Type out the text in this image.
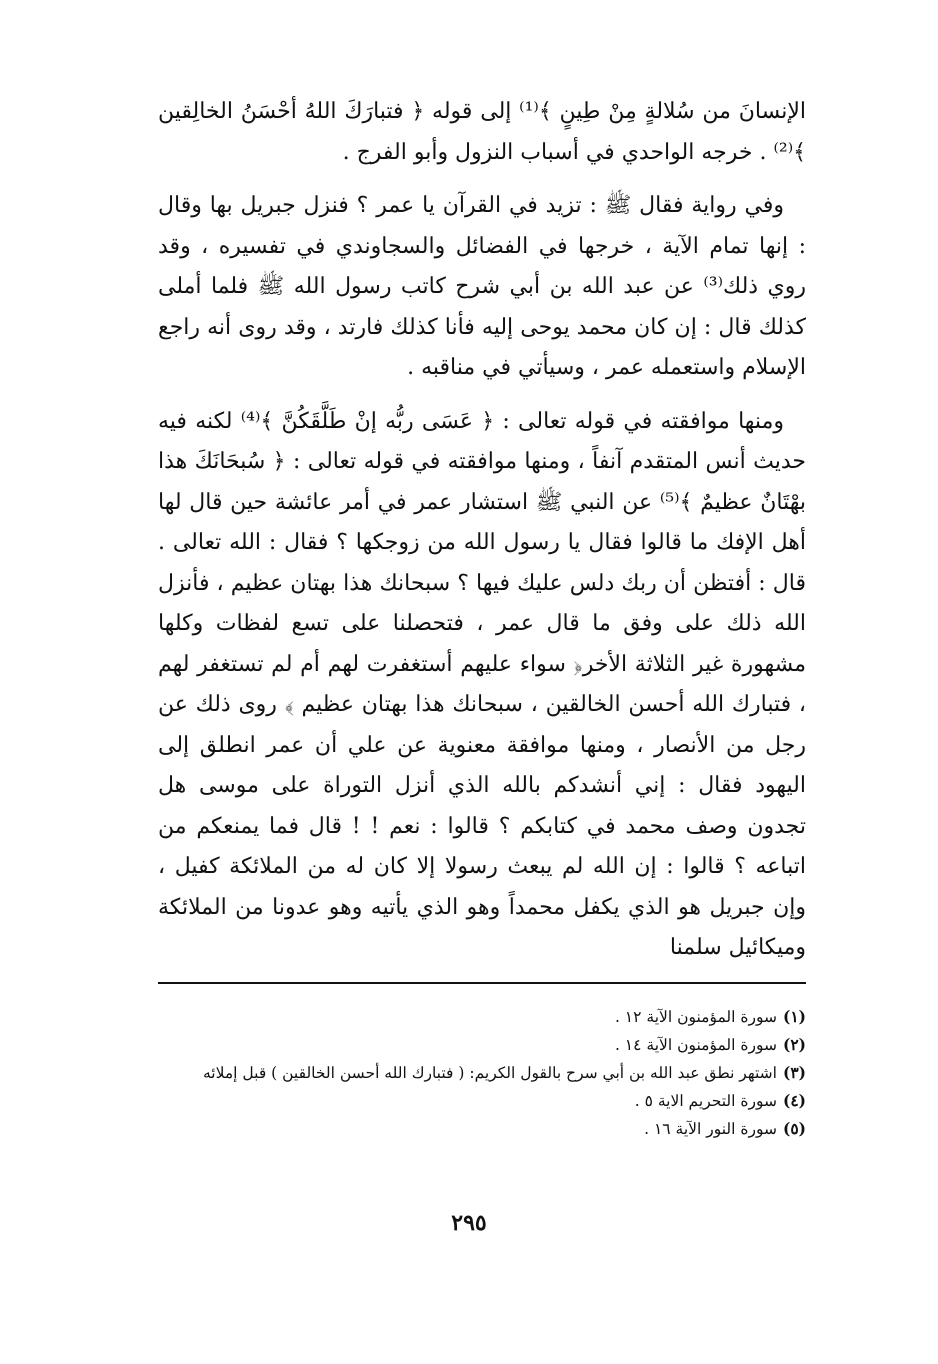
الإنسانَ من سُلالةٍ مِنْ طِينٍ ﴾⁽¹⁾ إلى قوله ﴿ فتبارَكَ اللهُ أحْسَنُ الخالِقين ﴾⁽²⁾ . خرجه الواحدي في أسباب النزول وأبو الفرج .

وفي رواية فقال ﷺ : تزيد في القرآن يا عمر ؟ فنزل جبريل بها وقال : إنها تمام الآية ، خرجها في الفضائل والسجاوندي في تفسيره ، وقد روي ذلك⁽³⁾ عن عبد الله بن أبي شرح كاتب رسول الله ﷺ فلما أملى كذلك قال : إن كان محمد يوحى إليه فأنا كذلك فارتد ، وقد روى أنه راجع الإسلام واستعمله عمر ، وسيأتي في مناقبه .

ومنها موافقته في قوله تعالى : ﴿ عَسَى ربُّه إنْ طَلَّقَكُنَّ ﴾⁽⁴⁾ لكنه فيه حديث أنس المتقدم آنفاً ، ومنها موافقته في قوله تعالى : ﴿ سُبحَانَكَ هذا بهْتَانٌ عظيمٌ ﴾⁽⁵⁾ عن النبي ﷺ استشار عمر في أمر عائشة حين قال لها أهل الإفك ما قالوا فقال يا رسول الله من زوجكها ؟ فقال : الله تعالى . قال : أفتظن أن ربك دلس عليك فيها ؟ سبحانك هذا بهتان عظيم ، فأنزل الله ذلك على وفق ما قال عمر ، فتحصلنا على تسع لفظات وكلها مشهورة غير الثلاثة الأخر﴿ سواء عليهم أستغفرت لهم أم لم تستغفر لهم ، فتبارك الله أحسن الخالقين ، سبحانك هذا بهتان عظيم ﴾ روى ذلك عن رجل من الأنصار ، ومنها موافقة معنوية عن علي أن عمر انطلق إلى اليهود فقال : إني أنشدكم بالله الذي أنزل التوراة على موسى هل تجدون وصف محمد في كتابكم ؟ قالوا : نعم ! ! قال فما يمنعكم من اتباعه ؟ قالوا : إن الله لم يبعث رسولا إلا كان له من الملائكة كفيل ، وإن جبريل هو الذي يكفل محمداً وهو الذي يأتيه وهو عدونا من الملائكة وميكائيل سلمنا

(١)سورة المؤمنون الآية ١٢ .

(٢)سورة المؤمنون الآية ١٤ .

(٣)اشتهر نطق عبد الله بن أبي سرح بالقول الكريم: ( فتبارك الله أحسن الخالقين ) قبل إملائه

(٤)سورة التحريم الاية ٥ .

(٥)سورة النور الآية ١٦ .

٢٩٥
